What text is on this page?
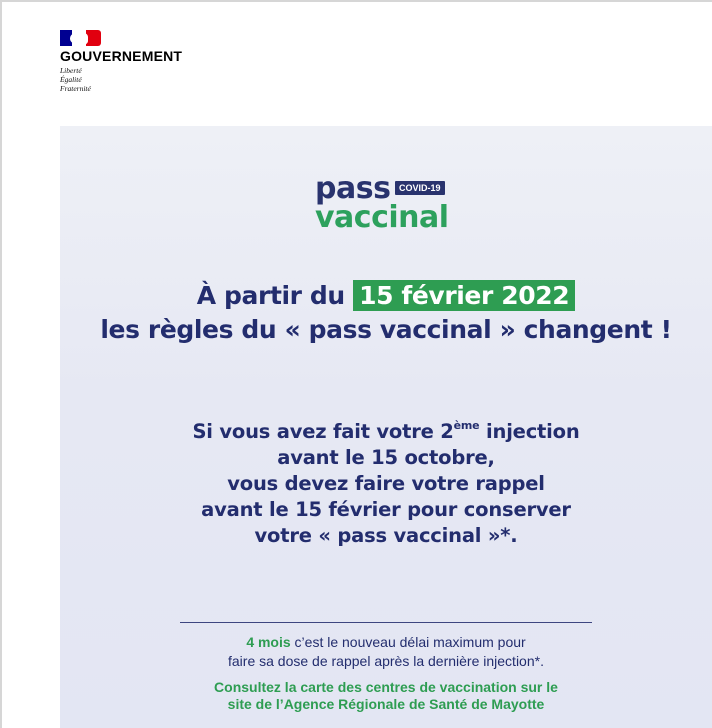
GOUVERNEMENT
Liberté
Égalité
Fraternité
pass COVID-19
vaccinal
À partir du 15 février 2022
les règles du « pass vaccinal » changent !
Si vous avez fait votre 2ème injection
avant le 15 octobre,
vous devez faire votre rappel
avant le 15 février pour conserver
votre « pass vaccinal »*.
4 mois c’est le nouveau délai maximum pour
faire sa dose de rappel après la dernière injection*.
Consultez la carte des centres de vaccination sur le
site de l’Agence Régionale de Santé de Mayotte
